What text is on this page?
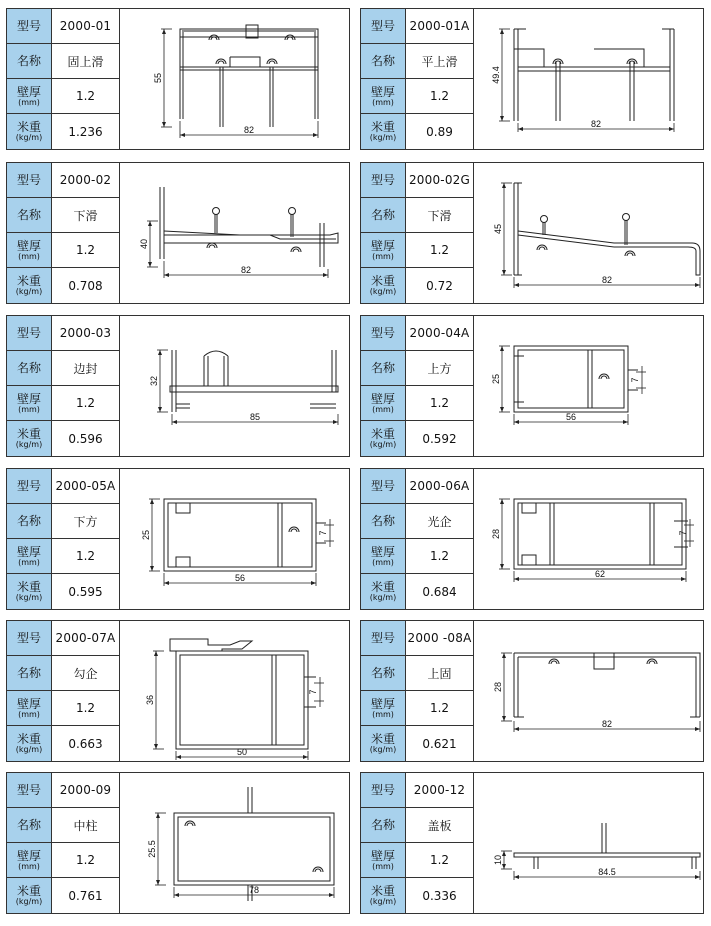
型号	2000-01
名称	固上滑
壁厚
(mm)	1.2
米重
(kg/m)	1.236
55
82
型号 2000-01A
名称	平上滑
壁厚
(mm)	1.2
米重
(kg/m)	0.89
49.4
82
型号	2000-02
名称	下滑
壁厚
(mm)	1.2
米重
(kg/m)	0.708
40
82
型号 2000-02G
名称	下滑
壁厚
(mm)	1.2
米重
(kg/m)	0.72
45
82
型号	2000-03
名称	边封
壁厚
(mm)	1.2
米重
(kg/m)	0.596
32
85
型号 2000-04A
名称	上方
壁厚
(mm)	1.2
米重
(kg/m)	0.592
7
25
56
型号 2000-05A
名称	下方
壁厚
(mm)	1.2
米重
(kg/m)	0.595
7
25
56
型号 2000-06A
名称	光企
壁厚
(mm)	1.2
米重
(kg/m)	0.684
7
28
62
型号 2000-07A
名称	勾企
壁厚
(mm)	1.2
米重
(kg/m)	0.663
7
36
50
型号 2000 -08A
名称	上固
壁厚
(mm)	1.2
米重
(kg/m)	0.621
28
82
型号	2000-09
名称	中柱
壁厚
(mm)	1.2
米重
(kg/m)	0.761
25.5
78
型号	2000-12
名称	盖板
壁厚
(mm)	1.2
米重
(kg/m)	0.336
10
84.5
